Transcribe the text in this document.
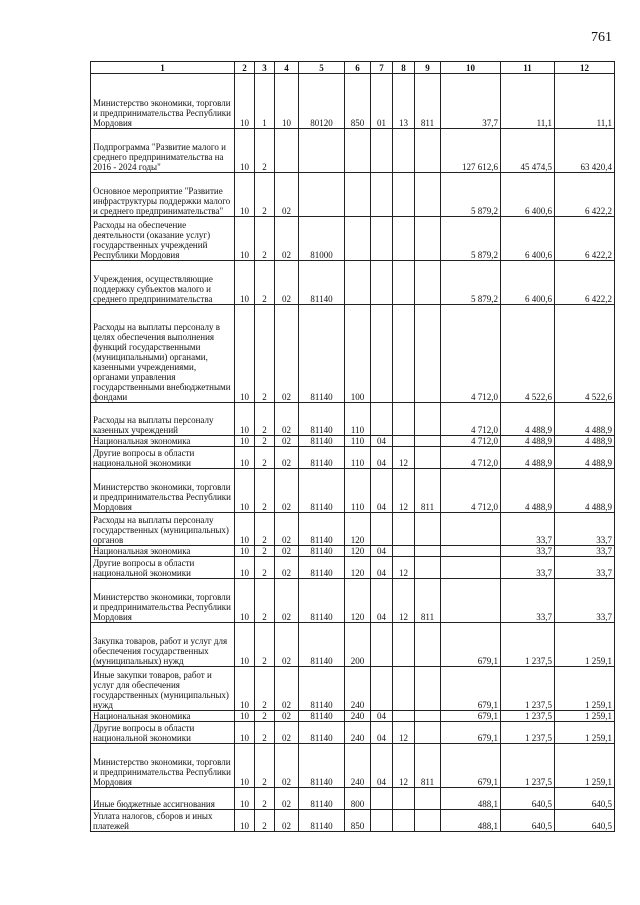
761
1	2	3	4	5	6	7	8	9	10	11	12
Министерство экономики, торговли и предпринимательства Республики Мордовия	10	1	10	80120	850	01	13	811	37,7	11,1	11,1
Подпрограмма "Развитие малого и среднего предпринимательства на 2016 - 2024 годы"	10	2							127 612,6	45 474,5	63 420,4
Основное мероприятие "Развитие инфраструктуры поддержки малого и среднего предпринимательства"	10	2	02						5 879,2	6 400,6	6 422,2
Расходы на обеспечение деятельности (оказание услуг) государственных учреждений Республики Мордовия	10	2	02	81000					5 879,2	6 400,6	6 422,2
Учреждения, осуществляющие поддержку субъектов малого и среднего предпринимательства	10	2	02	81140					5 879,2	6 400,6	6 422,2
Расходы на выплаты персоналу в целях обеспечения выполнения функций государственными (муниципальными) органами, казенными учреждениями, органами управления государственными внебюджетными фондами	10	2	02	81140	100				4 712,0	4 522,6	4 522,6
Расходы на выплаты персоналу казенных учреждений	10	2	02	81140	110				4 712,0	4 488,9	4 488,9
Национальная экономика	10	2	02	81140	110	04			4 712,0	4 488,9	4 488,9
Другие вопросы в области национальной экономики	10	2	02	81140	110	04	12		4 712,0	4 488,9	4 488,9
Министерство экономики, торговли и предпринимательства Республики Мордовия	10	2	02	81140	110	04	12	811	4 712,0	4 488,9	4 488,9
Расходы на выплаты персоналу государственных (муниципальных) органов	10	2	02	81140	120					33,7	33,7
Национальная экономика	10	2	02	81140	120	04				33,7	33,7
Другие вопросы в области национальной экономики	10	2	02	81140	120	04	12			33,7	33,7
Министерство экономики, торговли и предпринимательства Республики Мордовия	10	2	02	81140	120	04	12	811		33,7	33,7
Закупка товаров, работ и услуг для обеспечения государственных (муниципальных) нужд	10	2	02	81140	200				679,1	1 237,5	1 259,1
Иные закупки товаров, работ и услуг для обеспечения государственных (муниципальных) нужд	10	2	02	81140	240				679,1	1 237,5	1 259,1
Национальная экономика	10	2	02	81140	240	04			679,1	1 237,5	1 259,1
Другие вопросы в области национальной экономики	10	2	02	81140	240	04	12		679,1	1 237,5	1 259,1
Министерство экономики, торговли и предпринимательства Республики Мордовия	10	2	02	81140	240	04	12	811	679,1	1 237,5	1 259,1
Иные бюджетные ассигнования	10	2	02	81140	800				488,1	640,5	640,5
Уплата налогов, сборов и иных платежей	10	2	02	81140	850				488,1	640,5	640,5
